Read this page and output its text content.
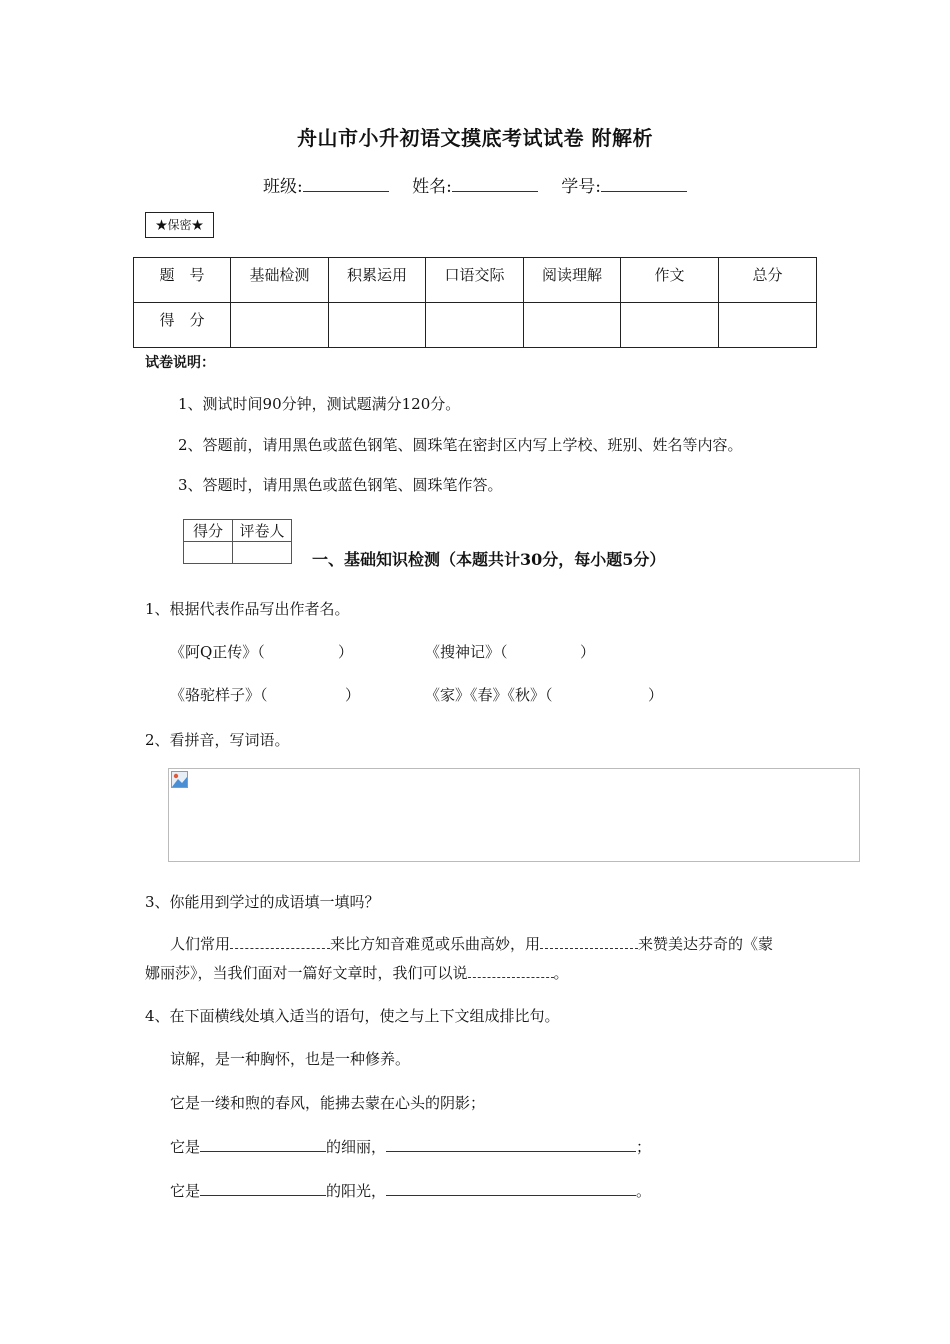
舟山市小升初语文摸底考试试卷 附解析
班级:	姓名:	学号:
★保密★
题　号	基础检测	积累运用	口语交际	阅读理解	作文	总分
得　分						
试卷说明：
1、测试时间90分钟，测试题满分120分。
2、答题前，请用黑色或蓝色钢笔、圆珠笔在密封区内写上学校、班别、姓名等内容。
3、答题时，请用黑色或蓝色钢笔、圆珠笔作答。
得分	评卷人

一、基础知识检测（本题共计30分，每小题5分）
1、根据代表作品写出作者名。
《阿Q正传》（	）	《搜神记》（	）
《骆驼样子》（	）	《家》《春》《秋》（	）
2、看拼音，写词语。
3、你能用到学过的成语填一填吗？
人们常用	来比方知音难觅或乐曲高妙，用	来赞美达芬奇的《蒙
娜丽莎》，当我们面对一篇好文章时，我们可以说	。
4、在下面横线处填入适当的语句，使之与上下文组成排比句。
谅解，是一种胸怀，也是一种修养。
它是一缕和煦的春风，能拂去蒙在心头的阴影；
它是	的细丽，	；
它是	的阳光，	。
